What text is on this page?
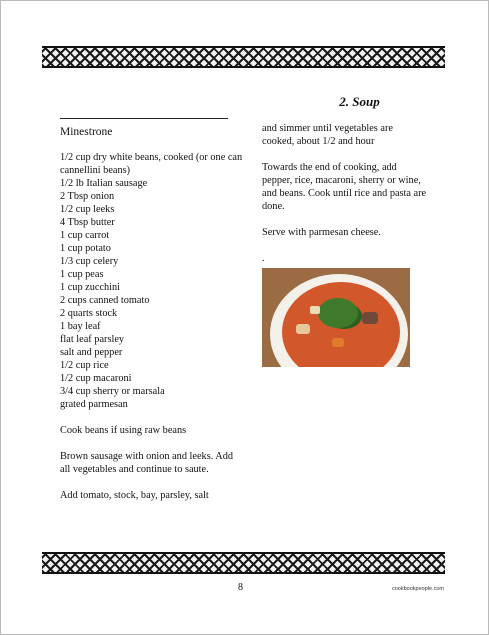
2. Soup

Minestrone

1/2 cup dry white beans, cooked (or one can cannellini beans)
1/2 lb Italian sausage
2 Tbsp onion
1/2 cup leeks
4 Tbsp butter
1 cup carrot
1 cup potato
1/3 cup celery
1 cup peas
1 cup zucchini
2 cups canned tomato
2 quarts stock
1 bay leaf
flat leaf parsley
salt and pepper
1/2 cup rice
1/2 cup macaroni
3/4 cup sherry or marsala
grated parmesan

Cook beans if using raw beans

Brown sausage with onion and leeks. Add all vegetables and continue to saute.

Add tomato, stock, bay, parsley, salt

and simmer until vegetables are cooked, about 1/2 and hour

Towards the end of cooking, add pepper, rice, macaroni, sherry or wine, and beans. Cook until rice and pasta are done.

Serve with parmesan cheese.

.

8	cookbookpeople.com
